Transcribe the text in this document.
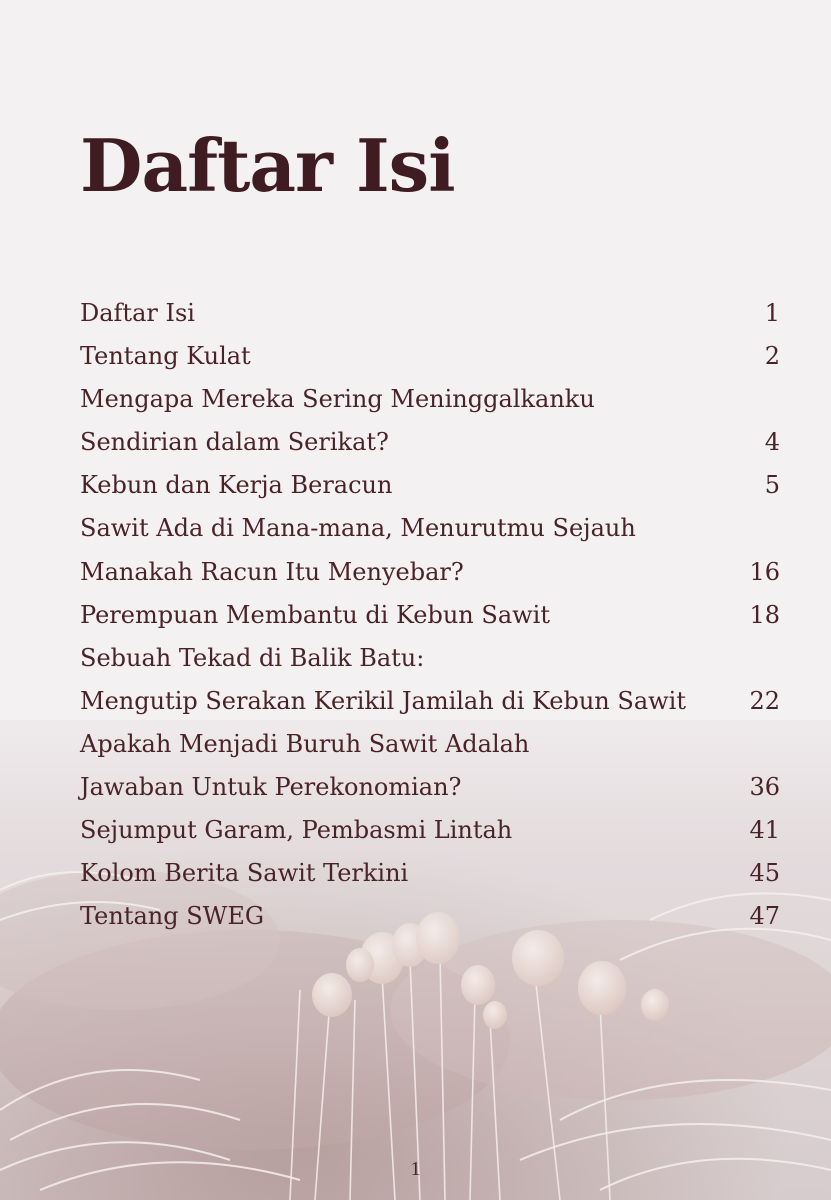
Daftar Isi
Daftar Isi	1
Tentang Kulat	2
Mengapa Mereka Sering Meninggalkanku
Sendirian dalam Serikat?	4
Kebun dan Kerja Beracun	5
Sawit Ada di Mana-mana, Menurutmu Sejauh
Manakah Racun Itu Menyebar?	16
Perempuan Membantu di Kebun Sawit	18
Sebuah Tekad di Balik Batu:
Mengutip Serakan Kerikil Jamilah di Kebun Sawit	22
Apakah Menjadi Buruh Sawit Adalah
Jawaban Untuk Perekonomian?	36
Sejumput Garam, Pembasmi Lintah	41
Kolom Berita Sawit Terkini	45
Tentang SWEG	47
1
